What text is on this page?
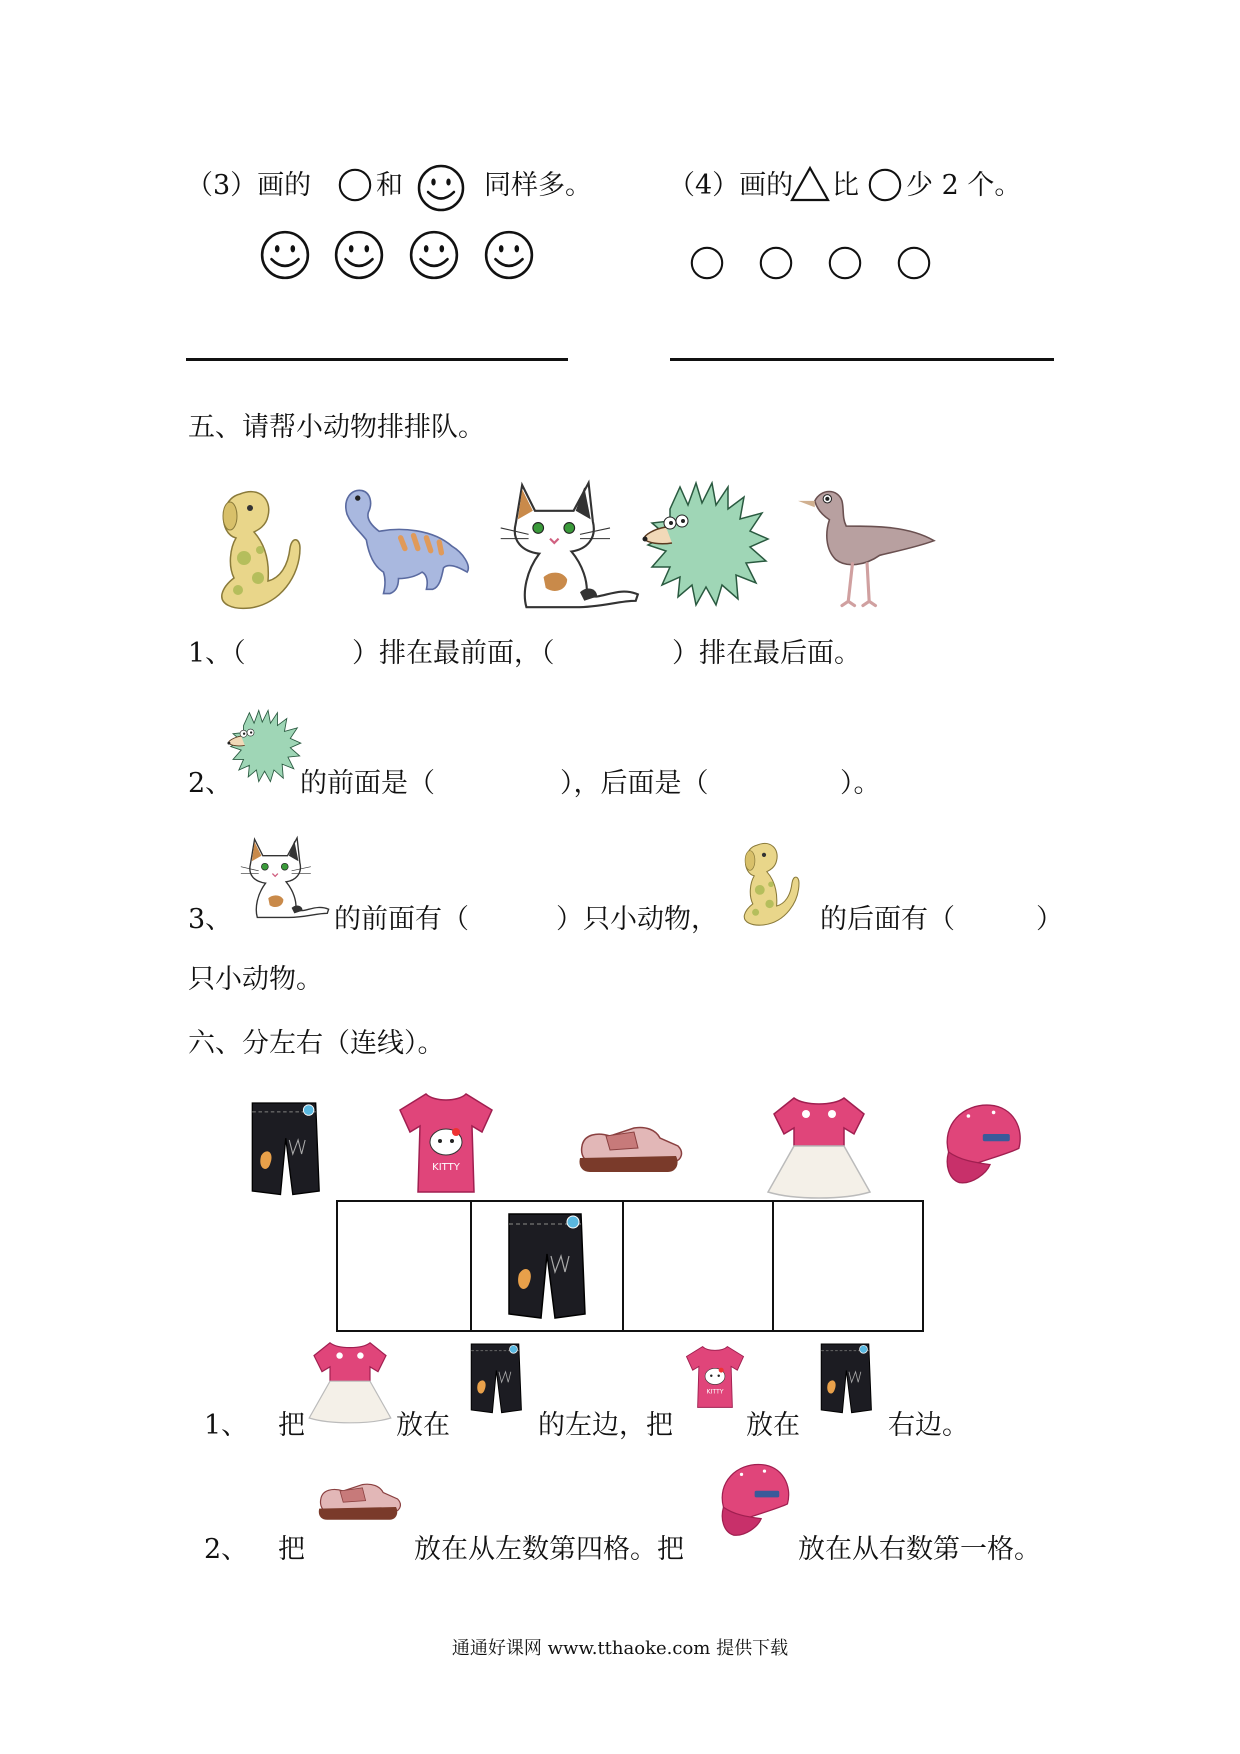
（3）画的 和	同样多。	（4）画的 比 少 2 个。
五、请帮小动物排排队。
1、（	）排在最前面，（	）排在最后面。
2、	的前面是（	），后面是（	）。
3、	的前面有（	）只小动物，	的后面有（	）
只小动物。
六、分左右（连线）。
1、 把	放在	的左边，把	放在	右边。
2、 把	放在从左数第四格。把	放在从右数第一格。
通通好课网 www.tthaoke.com 提供下载
